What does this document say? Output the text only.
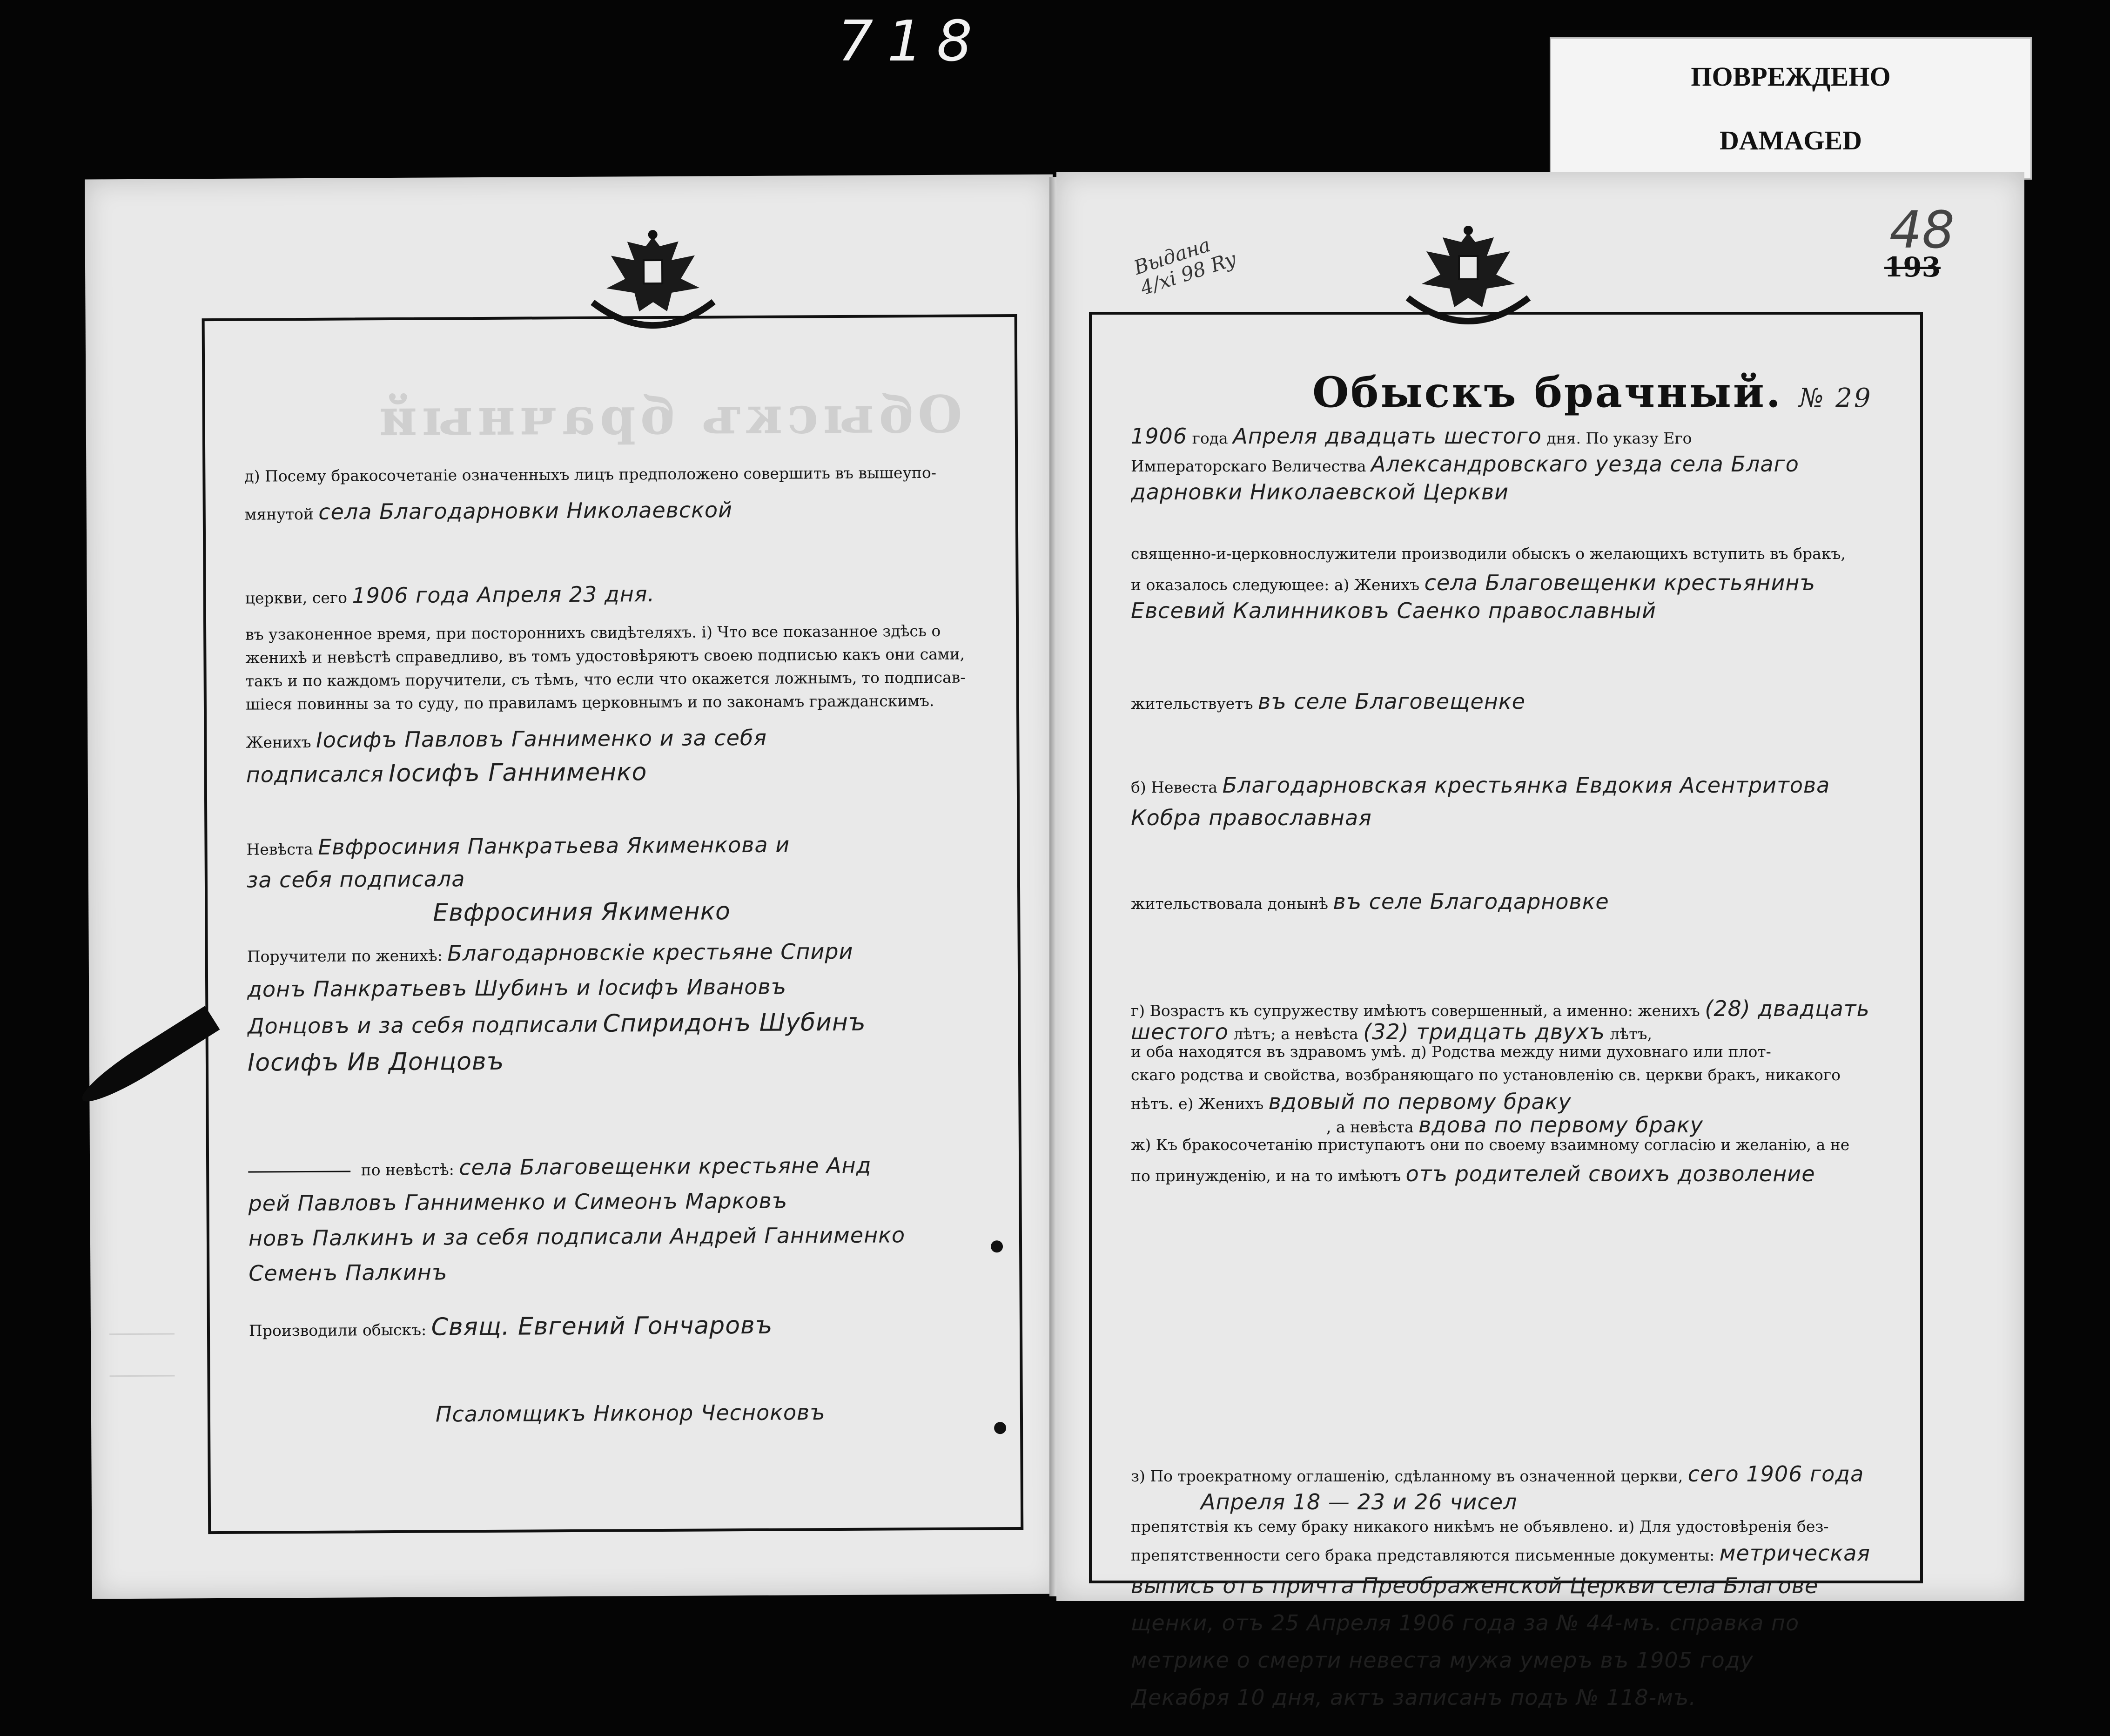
718
ПОВРЕЖДЕНО
DAMAGED
Обыскъ брачный
д) Посему бракосочетаніе означенныхъ лицъ предположено совершить въ вышеупо-
мянутой села Благодарновки Николаевской
церкви, сего 1906 года Апреля 23 дня.
въ узаконенное время, при постороннихъ свидѣтеляхъ. і) Что все показанное здѣсь о
женихѣ и невѣстѣ справедливо, въ томъ удостовѣряютъ своею подписью какъ они сами,
такъ и по каждомъ поручители, съ тѣмъ, что если что окажется ложнымъ, то подписав-
шіеся повинны за то суду, по правиламъ церковнымъ и по законамъ гражданскимъ.
Женихъ Іосифъ Павловъ Ганнименко и за себя
подписался Іосифъ Ганнименко
Невѣста Евфросиния Панкратьева Якименкова и
за себя подписала
Евфросиния Якименко
Поручители по женихѣ: Благодарновскiе крестьяне Спири
донъ Панкратьевъ Шубинъ и Іосифъ Ивановъ
Донцовъ и за себя подписали Спиридонъ Шубинъ
Іосифъ Ив Донцовъ
по невѣстѣ: села Благовещенки крестьяне Анд
рей Павловъ Ганнименко и Симеонъ Марковъ
новъ Палкинъ и за себя подписали Андрей Ганнименко
Семенъ Палкинъ
Производили обыскъ: Свящ. Евгений Гончаровъ
Псаломщикъ Никонор Чесноковъ
48
193
Выдана
4/xi 98 Ry
Обыскъ брачный. № 29
1906 года Апреля двадцать шестого дня. По указу Его
Императорскаго Величества Александровскаго уезда села Благо
дарновки Николаевской Церкви
священно-и-церковнослужители производили обыскъ о желающихъ вступить въ бракъ,
и оказалось следующее: а) Женихъ села Благовещенки крестьянинъ
Евсевий Калинниковъ Саенко православный
жительствуетъ въ селе Благовещенке
б) Невеста Благодарновская крестьянка Евдокия Асентритова
Кобра православная
жительствовала донынѣ въ селе Благодарновке
г) Возрастъ къ супружеству имѣютъ совершенный, а именно: женихъ (28) двадцать
шестого лѣтъ; а невѣста (32) тридцать двухъ лѣтъ,
и оба находятся въ здравомъ умѣ. д) Родства между ними духовнаго или плот-
скаго родства и свойства, возбраняющаго по установленію св. церкви бракъ, никакого
нѣтъ. е) Женихъ вдовый по первому браку
, а невѣста вдова по первому браку
ж) Къ бракосочетанію приступаютъ они по своему взаимному согласію и желанію, а не
по принужденію, и на то имѣютъ отъ родителей своихъ дозволение
з) По троекратному оглашенію, сдѣланному въ означенной церкви, сего 1906 года
Апреля 18 — 23 и 26 чисел
препятствія къ сему браку никакого никѣмъ не объявлено. и) Для удостовѣренія без-
препятственности сего брака представляются письменные документы: метрическая
выпись отъ причта Преображенской Церкви села Благове
щенки, отъ 25 Апреля 1906 года за № 44-мъ. справка по
метрике о смерти невеста мужа умеръ въ 1905 году
Декабря 10 дня, актъ записанъ подъ № 118-мъ.
